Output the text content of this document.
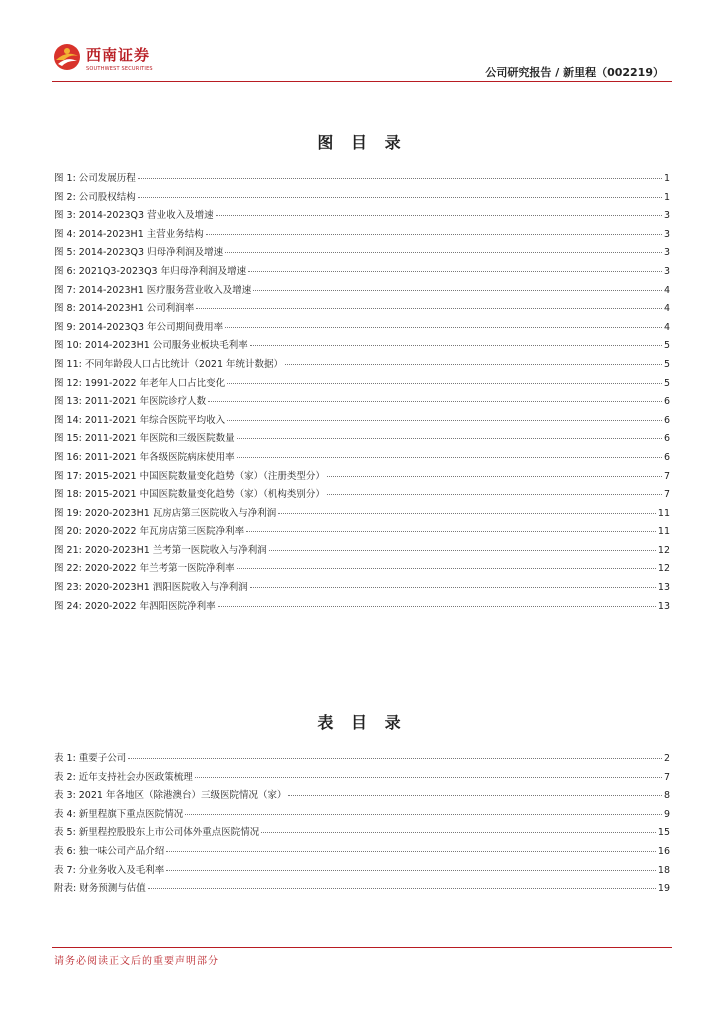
西南证券
SOUTHWEST SECURITIES	公司研究报告 / 新里程（002219）
图 目 录
图 1: 公司发展历程	1
图 2: 公司股权结构	1
图 3: 2014-2023Q3 营业收入及增速	3
图 4: 2014-2023H1 主营业务结构	3
图 5: 2014-2023Q3 归母净利润及增速	3
图 6: 2021Q3-2023Q3 年归母净利润及增速	3
图 7: 2014-2023H1 医疗服务营业收入及增速	4
图 8: 2014-2023H1 公司利润率	4
图 9: 2014-2023Q3 年公司期间费用率	4
图 10: 2014-2023H1 公司服务业板块毛利率	5
图 11: 不同年龄段人口占比统计（2021 年统计数据）	5
图 12: 1991-2022 年老年人口占比变化	5
图 13: 2011-2021 年医院诊疗人数	6
图 14: 2011-2021 年综合医院平均收入	6
图 15: 2011-2021 年医院和三级医院数量	6
图 16: 2011-2021 年各级医院病床使用率	6
图 17: 2015-2021 中国医院数量变化趋势（家）（注册类型分）	7
图 18: 2015-2021 中国医院数量变化趋势（家）（机构类别分）	7
图 19: 2020-2023H1 瓦房店第三医院收入与净利润	11
图 20: 2020-2022 年瓦房店第三医院净利率	11
图 21: 2020-2023H1 兰考第一医院收入与净利润	12
图 22: 2020-2022 年兰考第一医院净利率	12
图 23: 2020-2023H1 泗阳医院收入与净利润	13
图 24: 2020-2022 年泗阳医院净利率	13
表 目 录
表 1: 重要子公司	2
表 2: 近年支持社会办医政策梳理	7
表 3: 2021 年各地区（除港澳台）三级医院情况（家）	8
表 4: 新里程旗下重点医院情况	9
表 5: 新里程控股股东上市公司体外重点医院情况	15
表 6: 独一味公司产品介绍	16
表 7: 分业务收入及毛利率	18
附表: 财务预测与估值	19
请务必阅读正文后的重要声明部分
